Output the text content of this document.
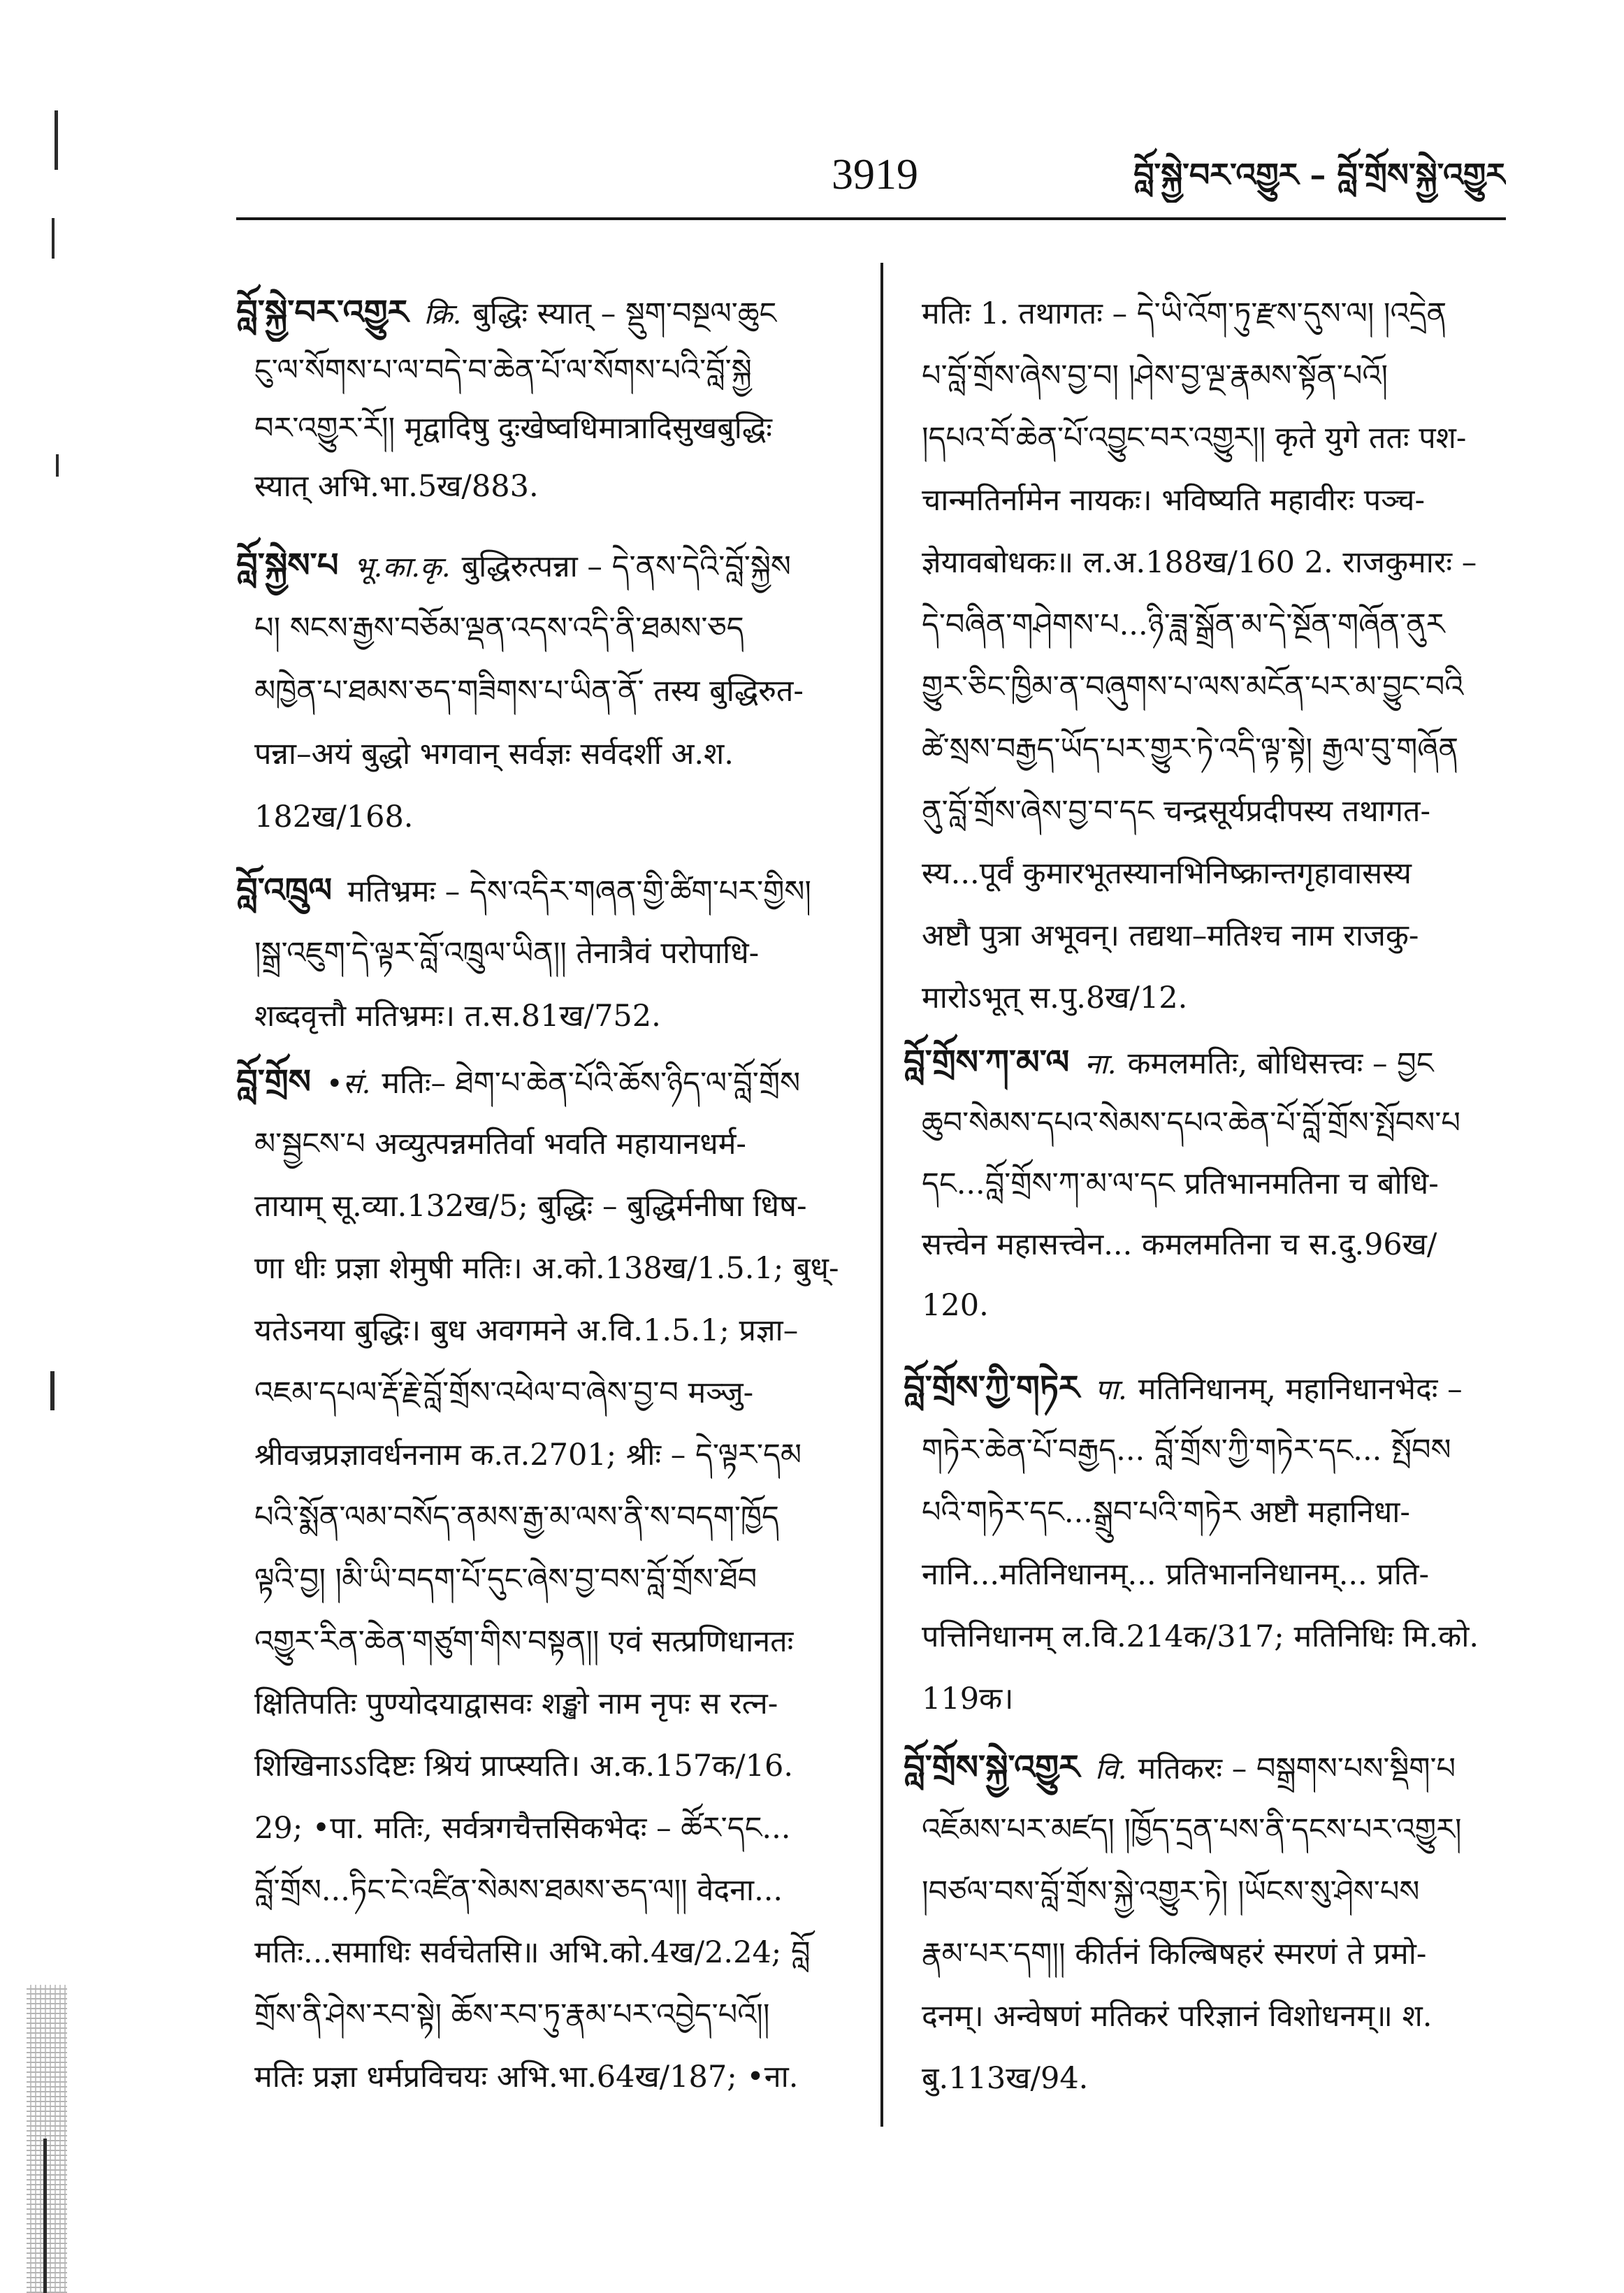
3919	བློ་སྐྱེ་བར་འགྱུར – བློ་གྲོས་སྐྱེ་འགྱུར
བློ་སྐྱེ་བར་འགྱུར क्रि. बुद्धिः स्यात् – སྡུག་བསྔལ་ཆུང
ངུ་ལ་སོགས་པ་ལ་བདེ་བ་ཆེན་པོ་ལ་སོགས་པའི་བློ་སྐྱེ
བར་འགྱུར་རོ།། मृद्वादिषु दुःखेष्वधिमात्रादिसुखबुद्धिः
स्यात् अभि.भा.5ख/883.
བློ་སྐྱེས་པ भू.का.कृ. बुद्धिरुत्पन्ना – དེ་ནས་དེའི་བློ་སྐྱེས
པ། སངས་རྒྱས་བཅོམ་ལྡན་འདས་འདི་ནི་ཐམས་ཅད
མཁྱེན་པ་ཐམས་ཅད་གཟིགས་པ་ཡིན་ནོ་ तस्य बुद्धिरुत-
पन्ना–अयं बुद्धो भगवान् सर्वज्ञः सर्वदर्शी अ.श.
182ख/168.
བློ་འཁྲུལ मतिभ्रमः – དེས་འདིར་གཞན་གྱི་ཚིག་པར་གྱིས།
།སྒྲ་འཇུག་དེ་ལྟར་བློ་འཁྲུལ་ཡིན།། तेनात्रैवं परोपाधि-
शब्दवृत्तौ मतिभ्रमः। त.स.81ख/752.
བློ་གྲོས •सं. मतिः– ཐེག་པ་ཆེན་པོའི་ཆོས་ཉིད་ལ་བློ་གྲོས
མ་སྦྱངས་པ अव्युत्पन्नमतिर्वा भवति महायानधर्म-
तायाम् सू.व्या.132ख/5; बुद्धिः – बुद्धिर्मनीषा धिष-
णा धीः प्रज्ञा शेमुषी मतिः। अ.को.138ख/1.5.1; बुध्-
यतेऽनया बुद्धिः। बुध अवगमने अ.वि.1.5.1; प्रज्ञा–
འཇམ་དཔལ་རྡོ་རྗེ་བློ་གྲོས་འཕེལ་བ་ཞེས་བྱ་བ मञ्जु-
श्रीवज्रप्रज्ञावर्धननाम क.त.2701; श्रीः – དེ་ལྟར་དམ
པའི་སྨོན་ལམ་བསོད་ནམས་རྒྱ་མ་ལས་ནི་ས་བདག་ཁྱོད
ལྟའི་བྱ། །མི་ཡི་བདག་པོ་དུང་ཞེས་བྱ་བས་བློ་གྲོས་ཐོབ
འགྱུར་རིན་ཆེན་གཙུག་གིས་བསྟན།། एवं सत्प्रणिधानतः
क्षितिपतिः पुण्योदयाद्वासवः शङ्खो नाम नृपः स रत्न-
शिखिनाऽऽदिष्टः श्रियं प्राप्स्यति। अ.क.157क/16.
29; •पा. मतिः, सर्वत्रगचैत्तसिकभेदः – ཚོར་དང...
བློ་གྲོས...ཏིང་ངེ་འཛིན་སེམས་ཐམས་ཅད་ལ།། वेदना...
मतिः...समाधिः सर्वचेतसि॥ अभि.को.4ख/2.24; བློ
གྲོས་ནི་ཤེས་རབ་སྟེ། ཆོས་རབ་ཏུ་རྣམ་པར་འབྱེད་པའོ།།
मतिः प्रज्ञा धर्मप्रविचयः अभि.भा.64ख/187; •ना.
मतिः 1. तथागतः – དེ་ཡི་འོག་ཏུ་རྫས་དུས་ལ། །འདྲེན
པ་བློ་གྲོས་ཞེས་བྱ་བ། །ཤེས་བྱ་ལྔ་རྣམས་སྟོན་པའོ།
།དཔའ་བོ་ཆེན་པོ་འབྱུང་བར་འགྱུར།། कृते युगे ततः पश-
चान्मतिर्नामेन नायकः। भविष्यति महावीरः पञ्च-
ज्ञेयावबोधकः॥ ल.अ.188ख/160 2. राजकुमारः –
དེ་བཞིན་གཤེགས་པ...ཉི་ཟླ་སྒྲོན་མ་དེ་སྔོན་གཞོན་ནུར
གྱུར་ཅིང་ཁྱིམ་ན་བཞུགས་པ་ལས་མངོན་པར་མ་བྱུང་བའི
ཚེ་སྲས་བརྒྱད་ཡོད་པར་གྱུར་ཏེ་འདི་ལྟ་སྟེ། རྒྱལ་བུ་གཞོན
ནུ་བློ་གྲོས་ཞེས་བྱ་བ་དང चन्द्रसूर्यप्रदीपस्य तथागत-
स्य...पूर्वं कुमारभूतस्यानभिनिष्क्रान्तगृहावासस्य
अष्टौ पुत्रा अभूवन्। तद्यथा–मतिश्च नाम राजकु-
मारोऽभूत् स.पु.8ख/12.
བློ་གྲོས་ཀ་མ་ལ ना. कमलमतिः, बोधिसत्त्वः – བྱང
ཆུབ་སེམས་དཔའ་སེམས་དཔའ་ཆེན་པོ་བློ་གྲོས་སྤོབས་པ
དང...བློ་གྲོས་ཀ་མ་ལ་དང प्रतिभानमतिना च बोधि-
सत्त्वेन महासत्त्वेन... कमलमतिना च स.दु.96ख/
120.
བློ་གྲོས་ཀྱི་གཏེར पा. मतिनिधानम्, महानिधानभेदः –
གཏེར་ཆེན་པོ་བརྒྱད... བློ་གྲོས་ཀྱི་གཏེར་དང... སྤོབས
པའི་གཏེར་དང...སྒྲུབ་པའི་གཏེར अष्टौ महानिधा-
नानि...मतिनिधानम्... प्रतिभाननिधानम्... प्रति-
पत्तिनिधानम् ल.वि.214क/317; मतिनिधिः मि.को.
119क।
བློ་གྲོས་སྐྱེ་འགྱུར वि. मतिकरः – བསྒྲགས་པས་སྡིག་པ
འཇོམས་པར་མཛད། །ཁྱོད་དྲན་པས་ནི་དངས་པར་འགྱུར།
།བཙལ་བས་བློ་གྲོས་སྐྱེ་འགྱུར་ཏེ། །ཡོངས་སུ་ཤེས་པས
རྣམ་པར་དག།། कीर्तनं किल्बिषहरं स्मरणं ते प्रमो-
दनम्। अन्वेषणं मतिकरं परिज्ञानं विशोधनम्॥ श.
बु.113ख/94.
